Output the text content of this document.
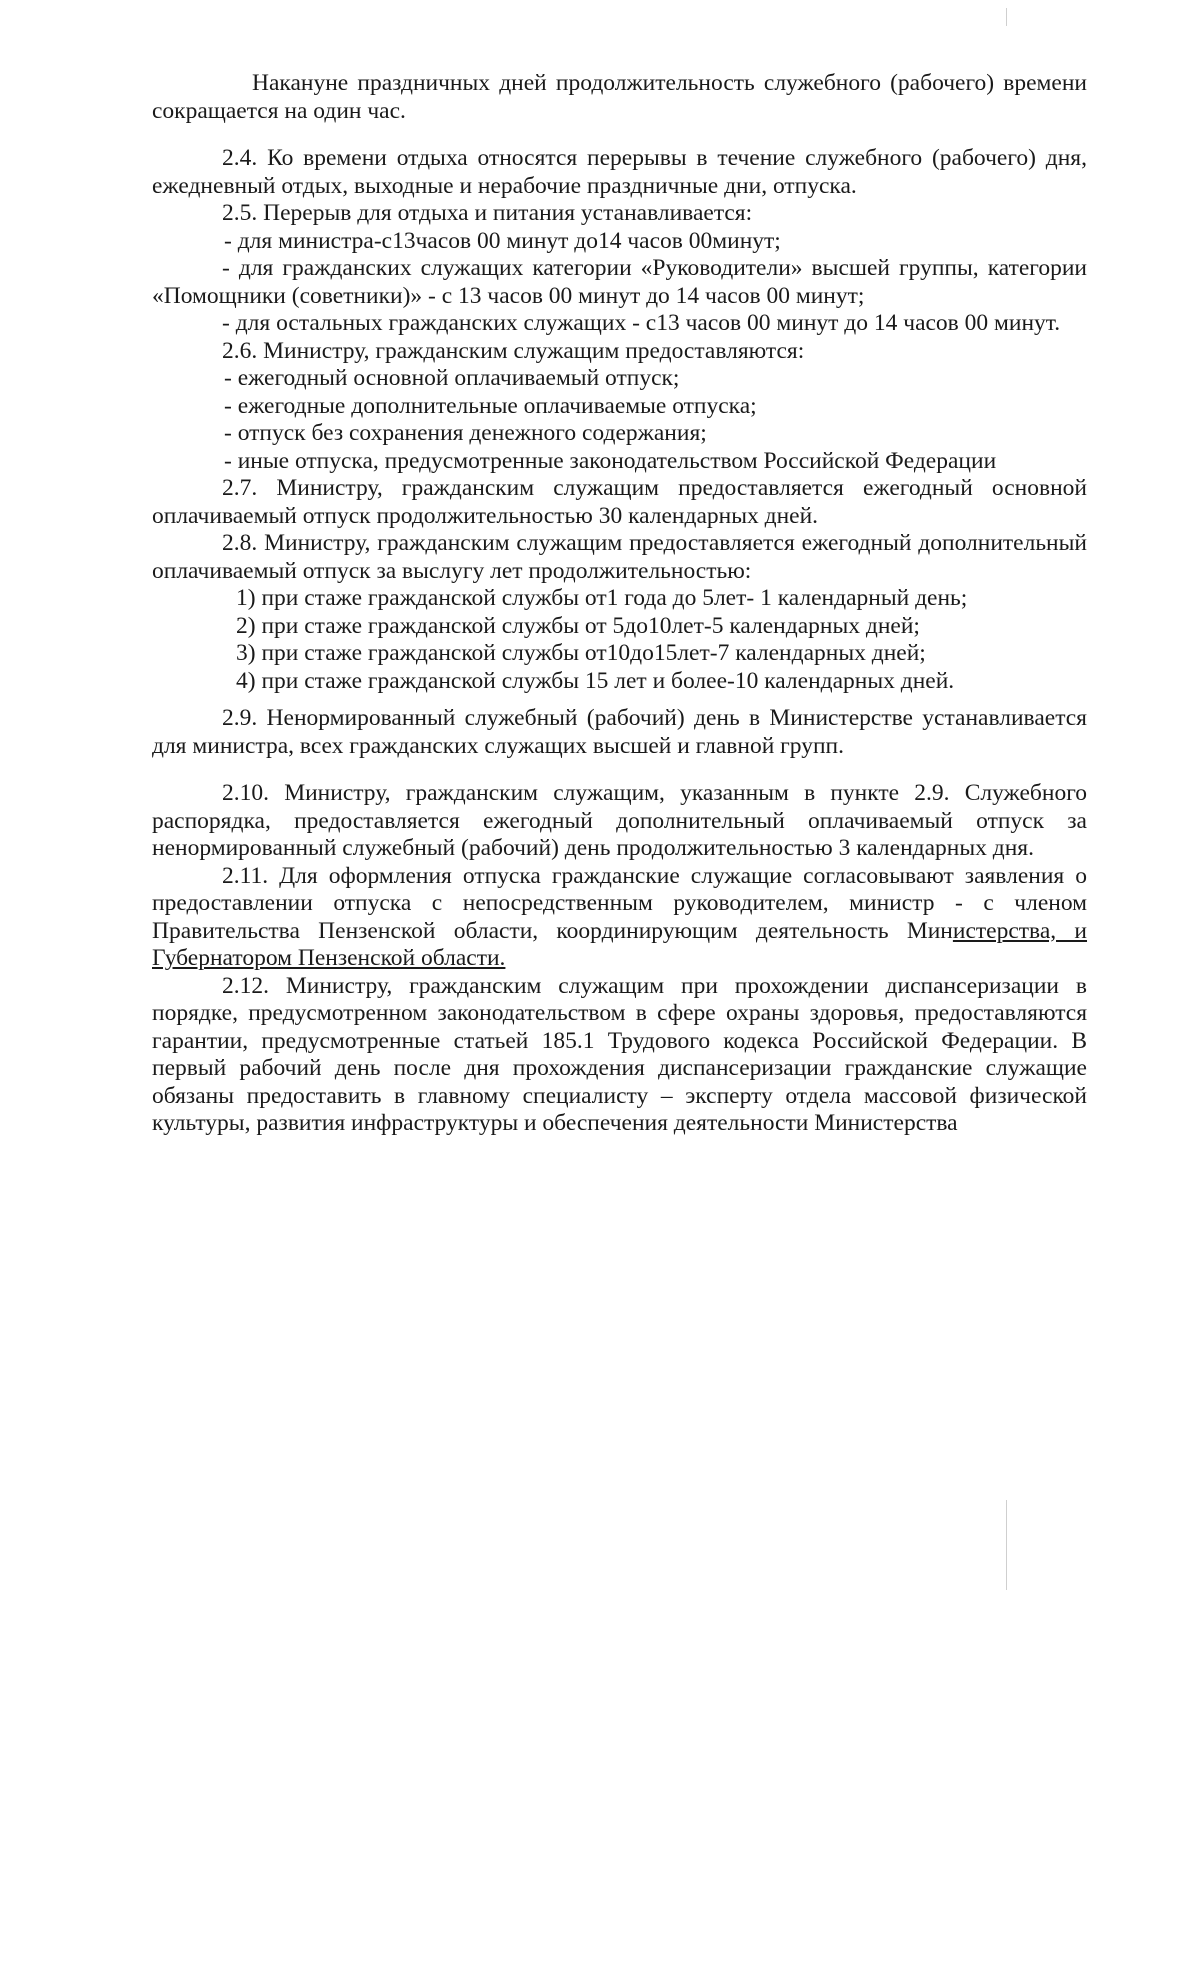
Накануне праздничных дней продолжительность служебного (рабочего) времени сокращается на один час.

2.4. Ко времени отдыха относятся перерывы в течение служебного (рабочего) дня, ежедневный отдых, выходные и нерабочие праздничные дни, отпуска.

2.5. Перерыв для отдыха и питания устанавливается:

- для министра-с13часов 00 минут до14 часов 00минут;

- для гражданских служащих категории «Руководители» высшей группы, категории «Помощники (советники)» - с 13 часов 00 минут до 14 часов 00 минут;

- для остальных гражданских служащих - с13 часов 00 минут до 14 часов 00 минут.

2.6. Министру, гражданским служащим предоставляются:

- ежегодный основной оплачиваемый отпуск;

- ежегодные дополнительные оплачиваемые отпуска;

- отпуск без сохранения денежного содержания;

- иные отпуска, предусмотренные законодательством Российской Федерации

2.7. Министру, гражданским служащим предоставляется ежегодный основной оплачиваемый отпуск продолжительностью 30 календарных дней.

2.8. Министру, гражданским служащим предоставляется ежегодный дополнительный оплачиваемый отпуск за выслугу лет продолжительностью:

1) при стаже гражданской службы от1 года до 5лет- 1 календарный день;

2) при стаже гражданской службы от 5до10лет-5 календарных дней;

3) при стаже гражданской службы от10до15лет-7 календарных дней;

4) при стаже гражданской службы 15 лет и более-10 календарных дней.

2.9. Ненормированный служебный (рабочий) день в Министерстве устанавливается для министра, всех гражданских служащих высшей и главной групп.

2.10. Министру, гражданским служащим, указанным в пункте 2.9. Служебного распорядка, предоставляется ежегодный дополнительный оплачиваемый отпуск за ненормированный служебный (рабочий) день продолжительностью 3 календарных дня.

2.11. Для оформления отпуска гражданские служащие согласовывают заявления о предоставлении отпуска с непосредственным руководителем, министр - с членом Правительства Пензенской области, координирующим деятельность Министерства, и Губернатором Пензенской области.

2.12. Министру, гражданским служащим при прохождении диспансеризации в порядке, предусмотренном законодательством в сфере охраны здоровья, предоставляются гарантии, предусмотренные статьей 185.1 Трудового кодекса Российской Федерации. В первый рабочий день после дня прохождения диспансеризации гражданские служащие обязаны предоставить в главному специалисту – эксперту отдела массовой физической культуры, развития инфраструктуры и обеспечения деятельности Министерства
